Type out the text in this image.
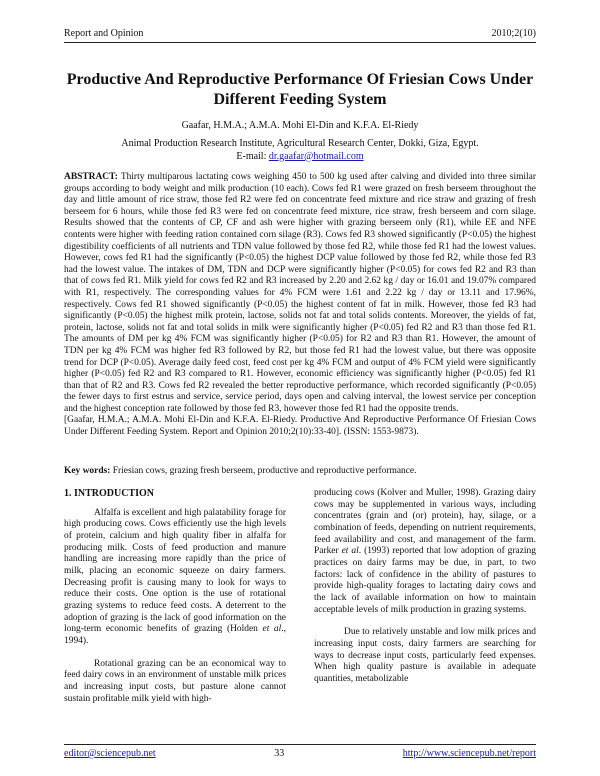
Report and Opinion	2010;2(10)
Productive And Reproductive Performance Of Friesian Cows Under Different Feeding System
Gaafar, H.M.A.; A.M.A. Mohi El-Din and K.F.A. El-Riedy
Animal Production Research Institute, Agricultural Research Center, Dokki, Giza, Egypt.
E-mail: dr.gaafar@hotmail.com

ABSTRACT: Thirty multiparous lactating cows weighing 450 to 500 kg used after calving and divided into three similar groups according to body weight and milk production (10 each). Cows fed R1 were grazed on fresh berseem throughout the day and little amount of rice straw, those fed R2 were fed on concentrate feed mixture and rice straw and grazing of fresh berseem for 6 hours, while those fed R3 were fed on concentrate feed mixture, rice straw, fresh berseem and corn silage. Results showed that the contents of CP, CF and ash were higher with grazing berseem only (R1), while EE and NFE contents were higher with feeding ration contained corn silage (R3). Cows fed R3 showed significantly (P<0.05) the highest digestibility coefficients of all nutrients and TDN value followed by those fed R2, while those fed R1 had the lowest values. However, cows fed R1 had the significantly (P<0.05) the highest DCP value followed by those fed R2, while those fed R3 had the lowest value. The intakes of DM, TDN and DCP were significantly higher (P<0.05) for cows fed R2 and R3 than that of cows fed R1. Milk yield for cows fed R2 and R3 increased by 2.20 and 2.62 kg / day or 16.01 and 19.07% compared with R1, respectively. The corresponding values for 4% FCM were 1.61 and 2.22 kg / day or 13.11 and 17.96%, respectively. Cows fed R1 showed significantly (P<0.05) the highest content of fat in milk. However, those fed R3 had significantly (P<0.05) the highest milk protein, lactose, solids not fat and total solids contents. Moreover, the yields of fat, protein, lactose, solids not fat and total solids in milk were significantly higher (P<0.05) fed R2 and R3 than those fed R1. The amounts of DM per kg 4% FCM was significantly higher (P<0.05) for R2 and R3 than R1. However, the amount of TDN per kg 4% FCM was higher fed R3 followed by R2, but those fed R1 had the lowest value, but there was opposite trend for DCP (P<0.05). Average daily feed cost, feed cost per kg 4% FCM and output of 4% FCM yield were significantly higher (P<0.05) fed R2 and R3 compared to R1. However, economic efficiency was significantly higher (P<0.05) fed R1 than that of R2 and R3. Cows fed R2 revealed the better reproductive performance, which recorded significantly (P<0.05) the fewer days to first estrus and service, service period, days open and calving interval, the lowest service per conception and the highest conception rate followed by those fed R3, however those fed R1 had the opposite trends.

[Gaafar, H.M.A.; A.M.A. Mohi El-Din and K.F.A. El-Riedy. Productive And Reproductive Performance Of Friesian Cows Under Different Feeding System. Report and Opinion 2010;2(10):33-40]. (ISSN: 1553-9873).

Key words: Friesian cows, grazing fresh berseem, productive and reproductive performance.
1. INTRODUCTION

Alfalfa is excellent and high palatability forage for high producing cows. Cows efficiently use the high levels of protein, calcium and high quality fiber in alfalfa for producing milk. Costs of feed production and manure handling are increasing more rapidly than the price of milk, placing an economic squeeze on dairy farmers. Decreasing profit is causing many to look for ways to reduce their costs. One option is the use of rotational grazing systems to reduce feed costs. A deterrent to the adoption of grazing is the lack of good information on the long-term economic benefits of grazing (Holden et al., 1994).

Rotational grazing can be an economical way to feed dairy cows in an environment of unstable milk prices and increasing input costs, but pasture alone cannot sustain profitable milk yield with high-

producing cows (Kolver and Muller, 1998). Grazing dairy cows may be supplemented in various ways, including concentrates (grain and (or) protein), hay, silage, or a combination of feeds, depending on nutrient requirements, feed availability and cost, and management of the farm. Parker et al. (1993) reported that low adoption of grazing practices on dairy farms may be due, in part, to two factors: lack of confidence in the ability of pastures to provide high-quality forages to lactating dairy cows and the lack of available information on how to maintain acceptable levels of milk production in grazing systems.

Due to relatively unstable and low milk prices and increasing input costs, dairy farmers are searching for ways to decrease input costs, particularly feed expenses. When high quality pasture is available in adequate quantities, metabolizable

editor@sciencepub.net	33	http://www.sciencepub.net/report
